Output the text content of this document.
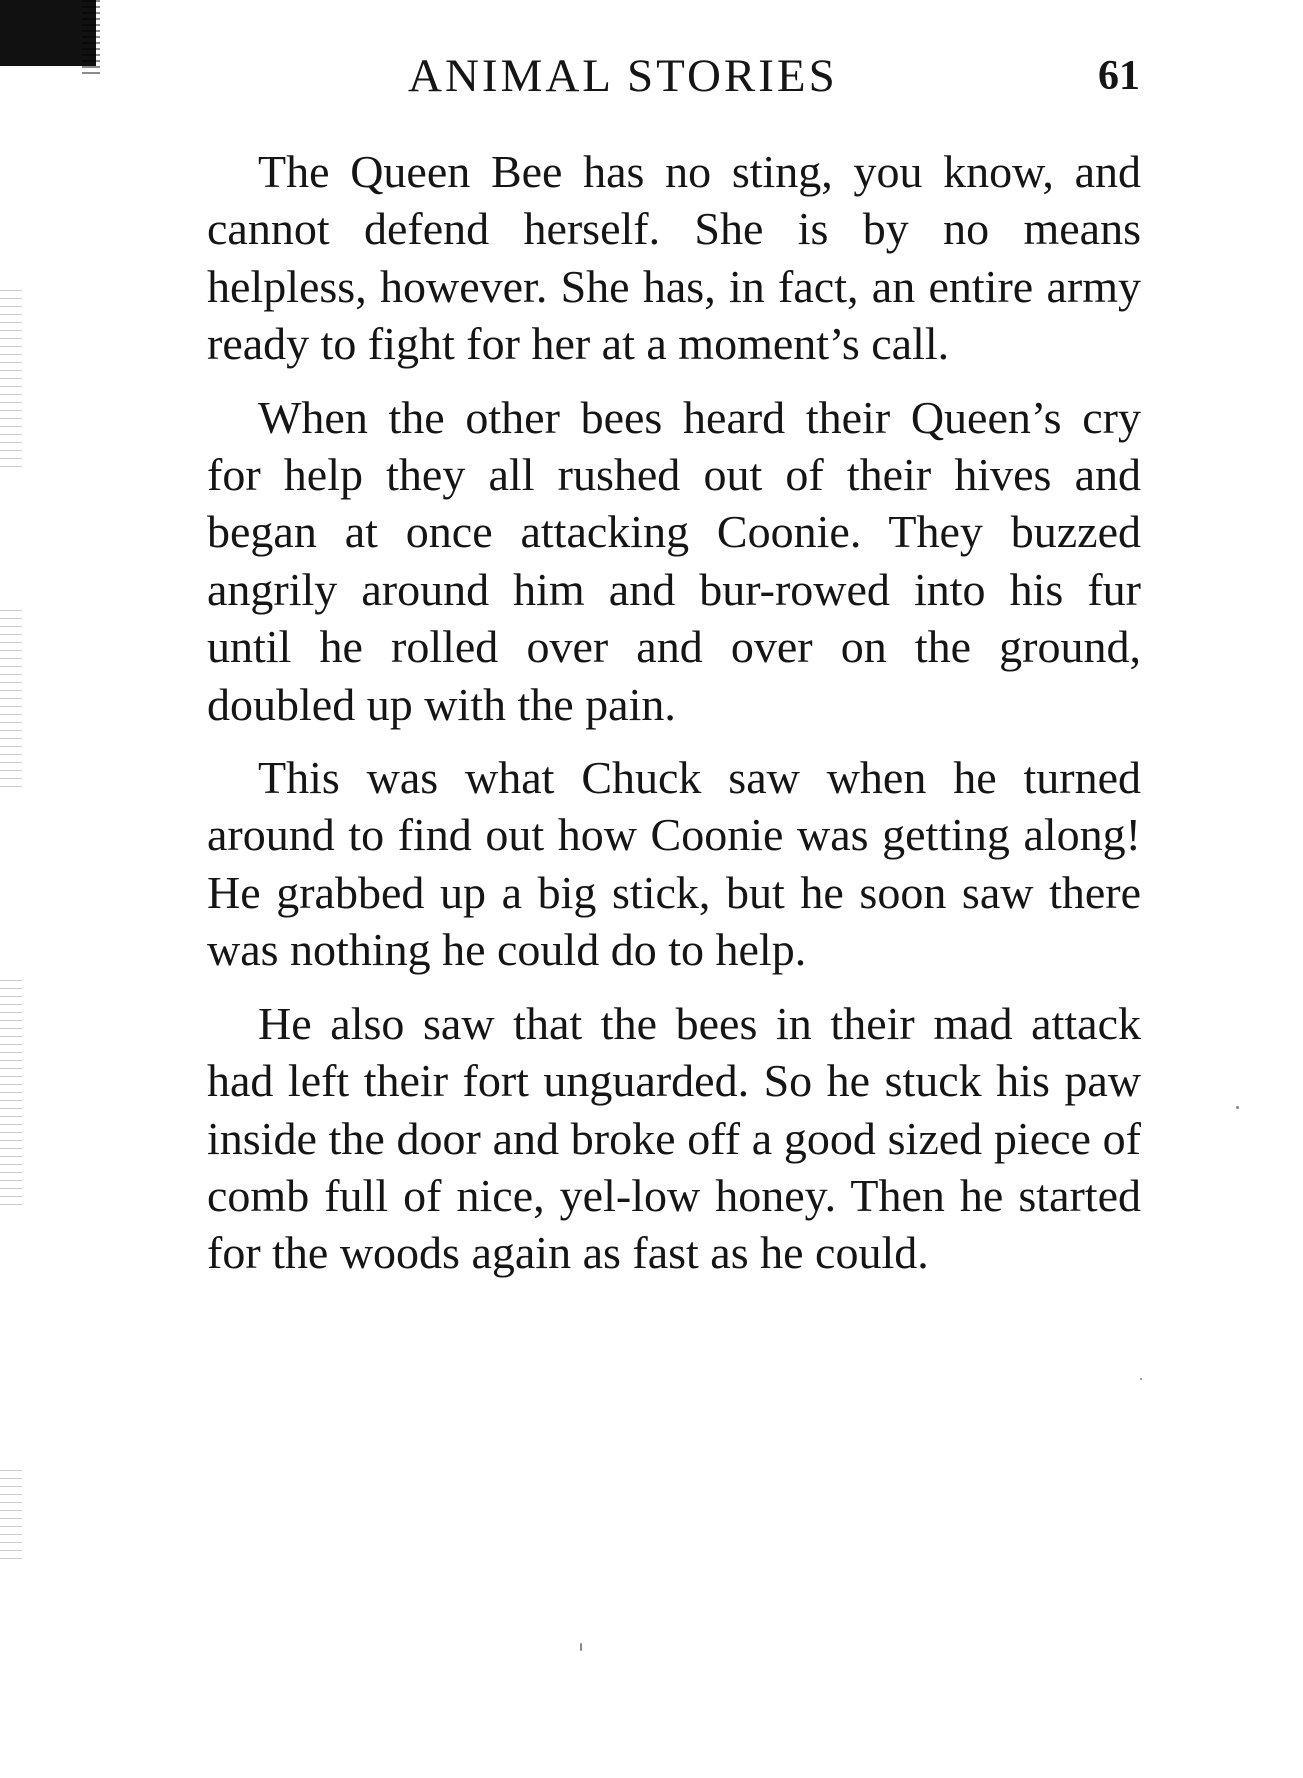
ANIMAL STORIES	61

The Queen Bee has no sting, you know, and cannot defend herself. She is by no means helpless, however. She has, in fact, an entire army ready to fight for her at a moment’s call.

When the other bees heard their Queen’s cry for help they all rushed out of their hives and began at once attacking Coonie. They buzzed angrily around him and bur-rowed into his fur until he rolled over and over on the ground, doubled up with the pain.

This was what Chuck saw when he turned around to find out how Coonie was getting along! He grabbed up a big stick, but he soon saw there was nothing he could do to help.

He also saw that the bees in their mad attack had left their fort unguarded. So he stuck his paw inside the door and broke off a good sized piece of comb full of nice, yel-low honey. Then he started for the woods again as fast as he could.
